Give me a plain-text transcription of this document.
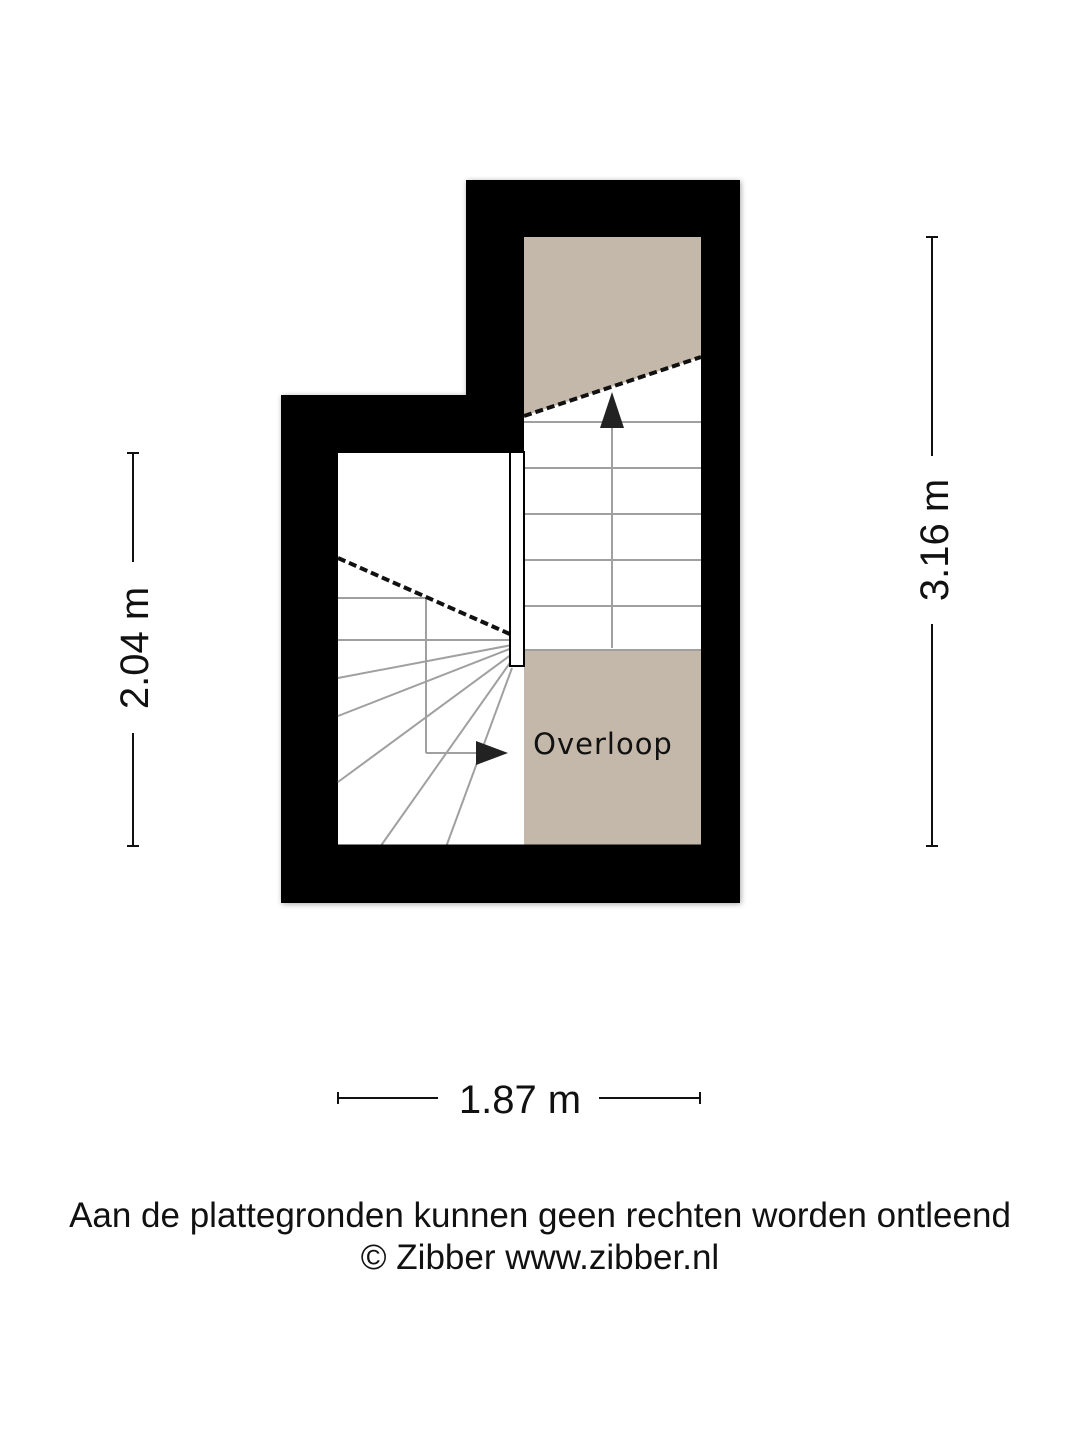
Overloop
2.04 m
3.16 m
1.87 m
Aan de plattegronden kunnen geen rechten worden ontleend
© Zibber www.zibber.nl
